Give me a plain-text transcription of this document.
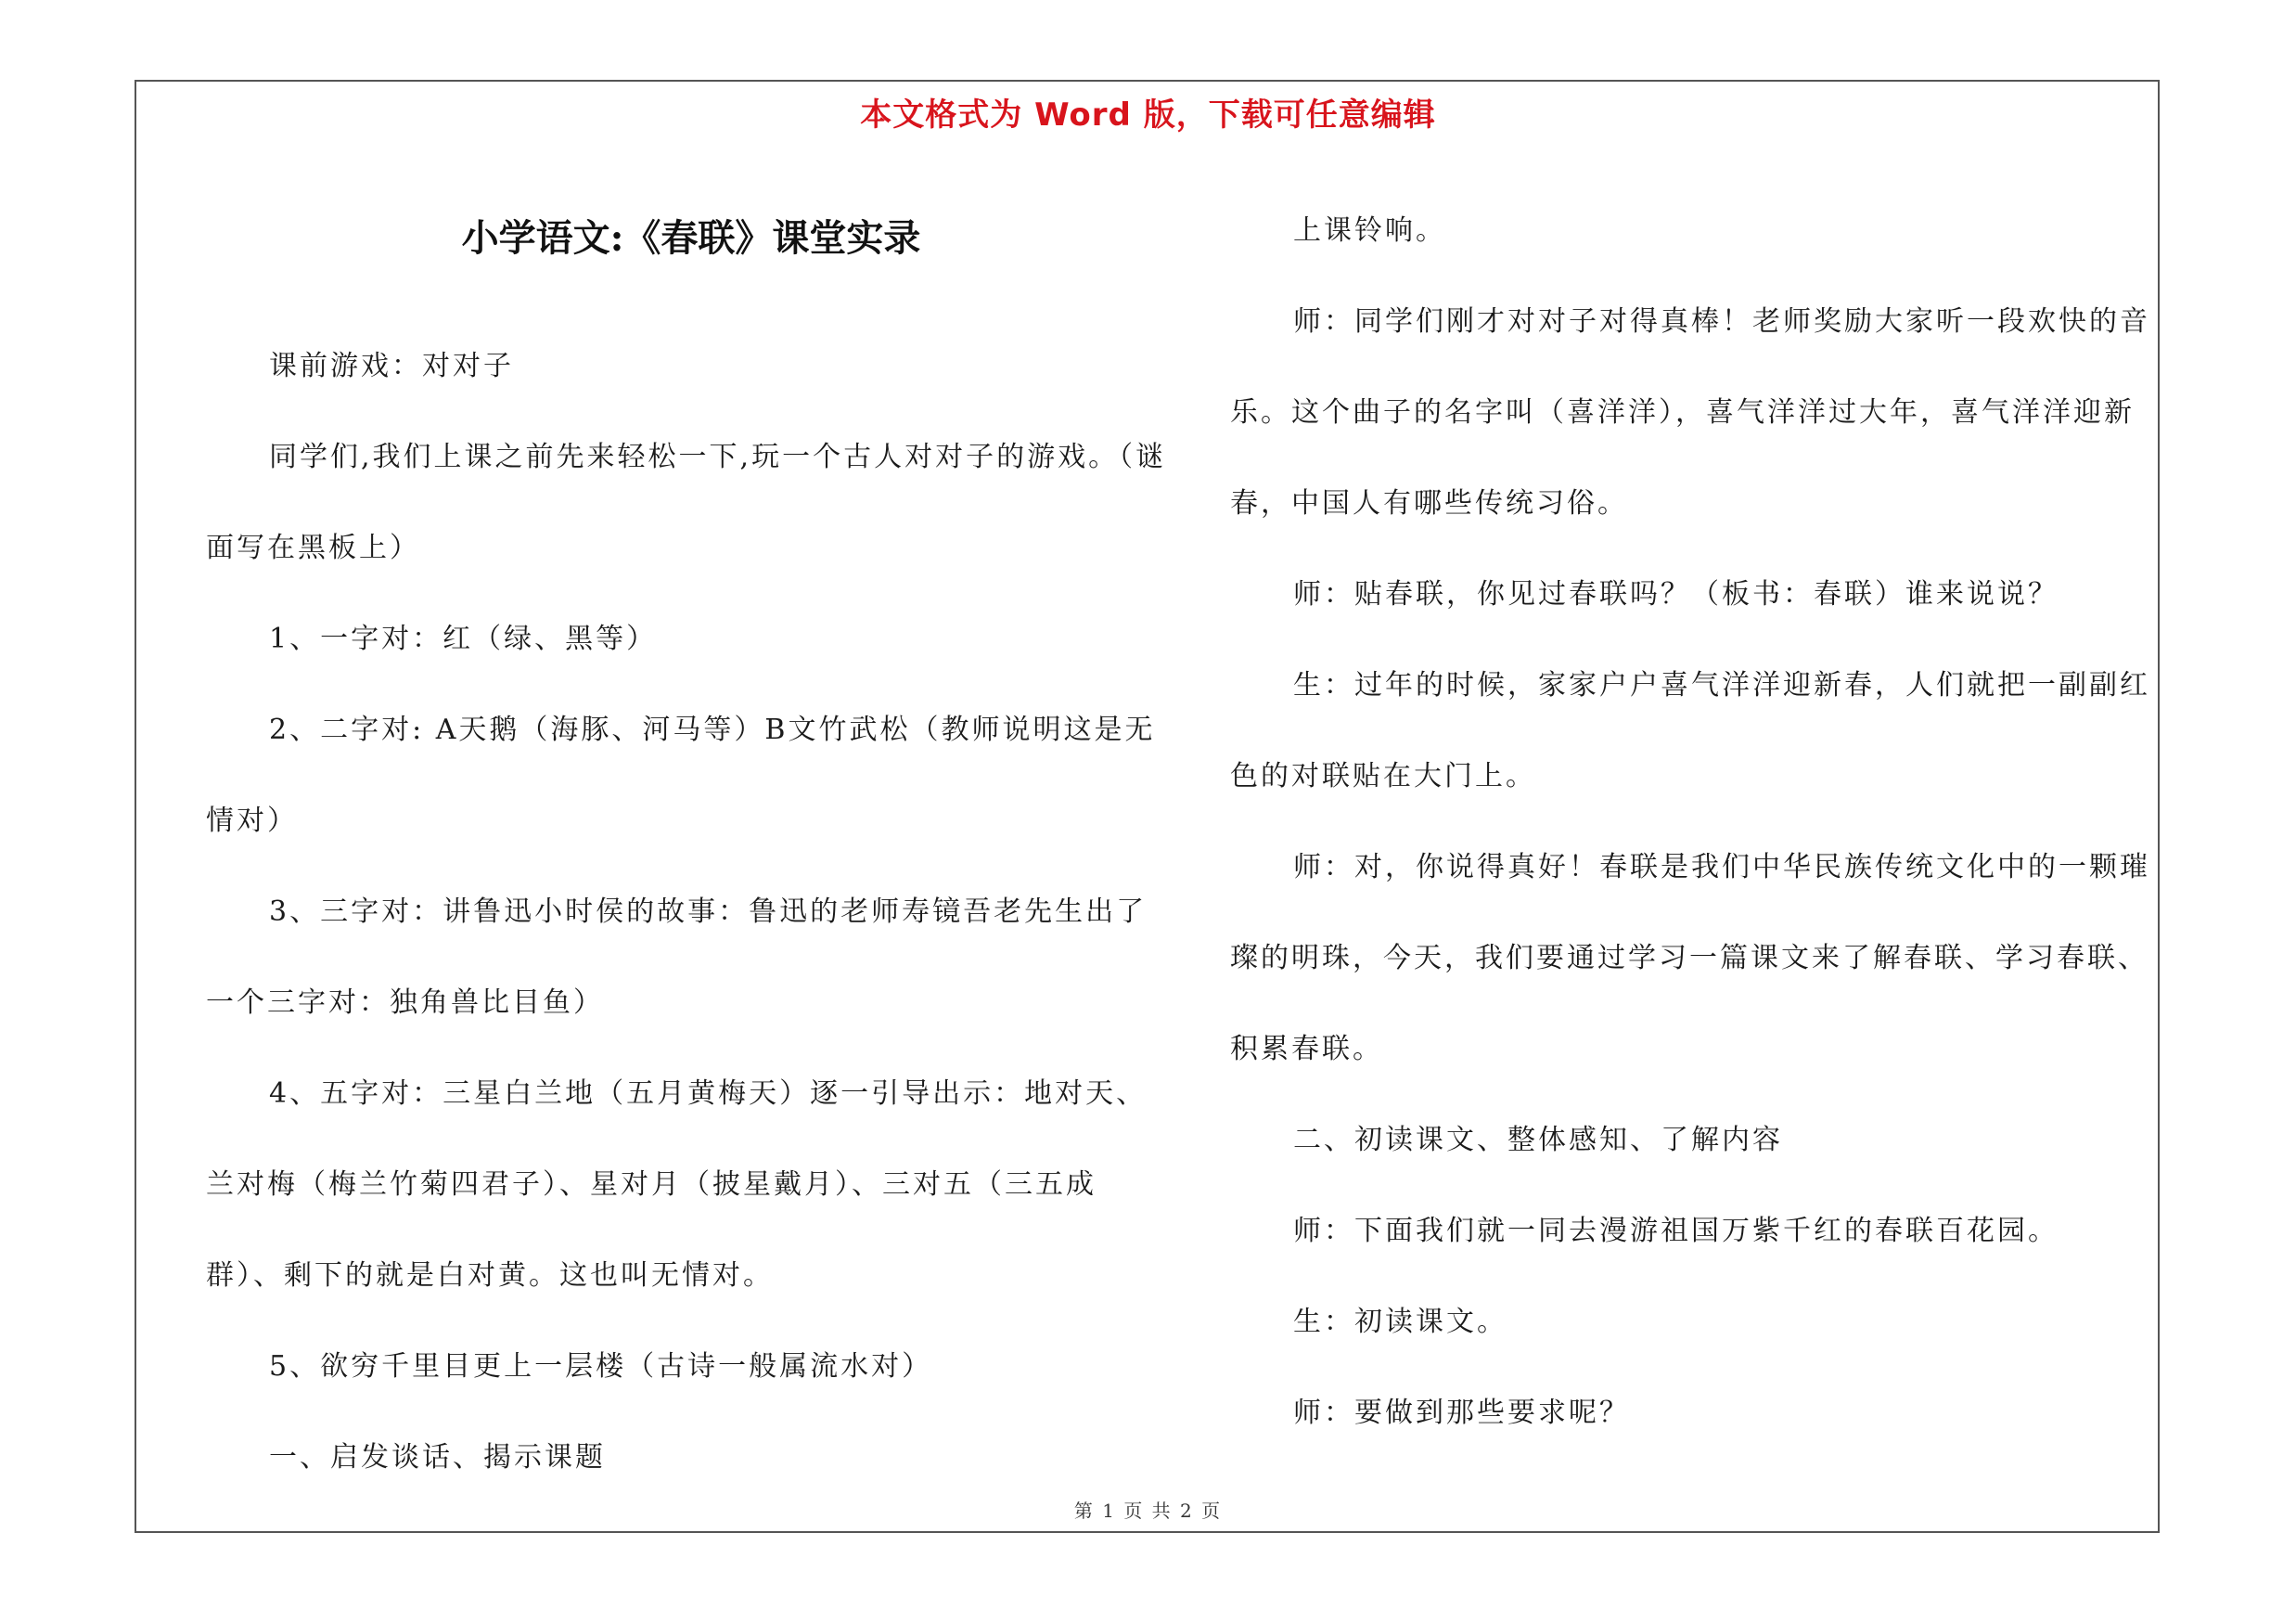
本文格式为 Word 版，下载可任意编辑
小学语文:《春联》课堂实录

课前游戏：对对子

同学们,我们上课之前先来轻松一下,玩一个古人对对子的游戏。（谜面写在黑板上）

1、一字对：红（绿、黑等）

2、二字对: A天鹅（海豚、河马等）B文竹武松（教师说明这是无情对）

3、三字对：讲鲁迅小时侯的故事：鲁迅的老师寿镜吾老先生出了一个三字对：独角兽比目鱼）

4、五字对：三星白兰地（五月黄梅天）逐一引导出示：地对天、兰对梅（梅兰竹菊四君子）、星对月（披星戴月）、三对五（三五成群）、剩下的就是白对黄。这也叫无情对。

5、欲穷千里目更上一层楼（古诗一般属流水对）

一、启发谈话、揭示课题

上课铃响。

师：同学们刚才对对子对得真棒！老师奖励大家听一段欢快的音乐。这个曲子的名字叫（喜洋洋），喜气洋洋过大年，喜气洋洋迎新春，中国人有哪些传统习俗。

师：贴春联，你见过春联吗？（板书：春联）谁来说说？

生：过年的时候，家家户户喜气洋洋迎新春，人们就把一副副红色的对联贴在大门上。

师：对，你说得真好！春联是我们中华民族传统文化中的一颗璀璨的明珠，今天，我们要通过学习一篇课文来了解春联、学习春联、积累春联。

二、初读课文、整体感知、了解内容

师：下面我们就一同去漫游祖国万紫千红的春联百花园。

生：初读课文。

师：要做到那些要求呢？

第 1 页 共 2 页
